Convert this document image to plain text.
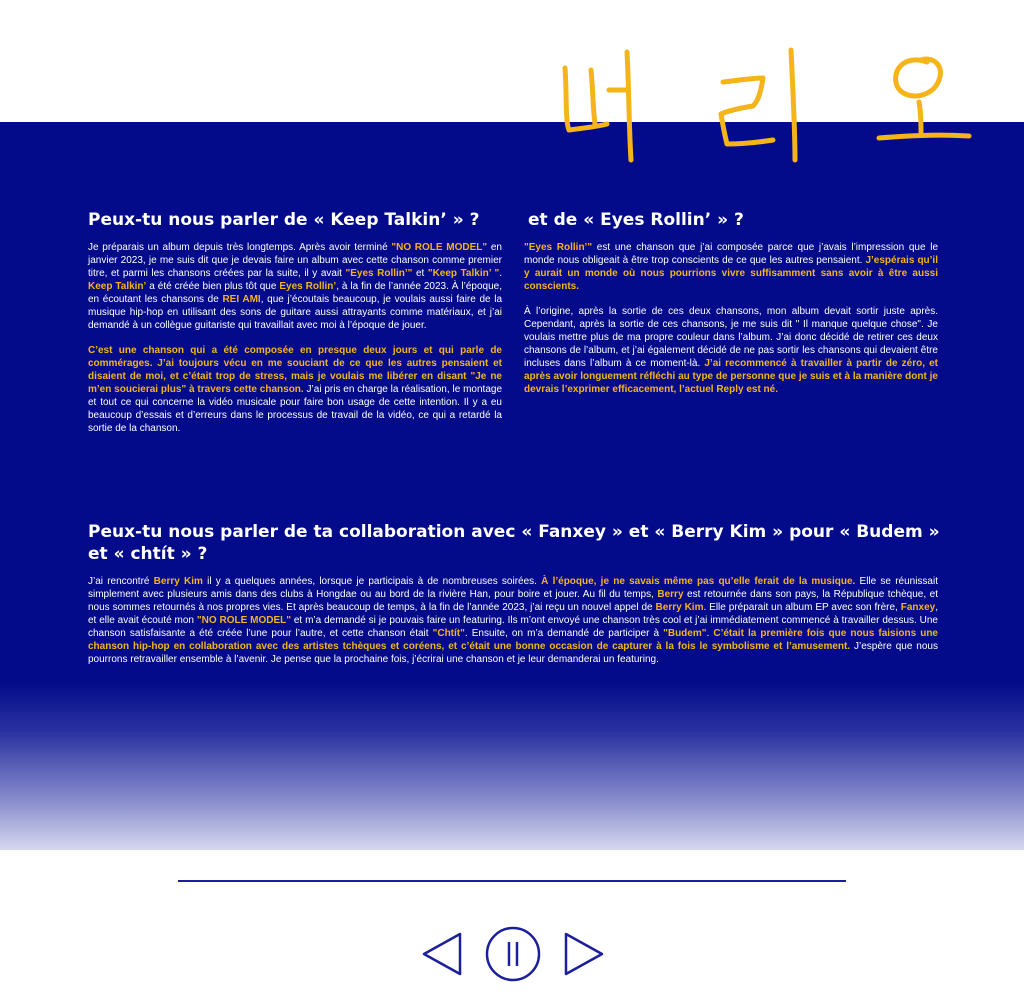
Peux-tu nous parler de « Keep Talkin’ » ?

Je préparais un album depuis très longtemps. Après avoir terminé "NO ROLE MODEL" en janvier 2023, je me suis dit que je devais faire un album avec cette chanson comme premier titre, et parmi les chansons créées par la suite, il y avait "Eyes Rollin’" et "Keep Talkin’ ". Keep Talkin’ a été créée bien plus tôt que Eyes Rollin’, à la fin de l’année 2023. À l’époque, en écoutant les chansons de REI AMI, que j’écoutais beaucoup, je voulais aussi faire de la musique hip-hop en utilisant des sons de guitare aussi attrayants comme matériaux, et j’ai demandé à un collègue guitariste qui travaillait avec moi à l’époque de jouer.

C’est une chanson qui a été composée en presque deux jours et qui parle de commérages. J’ai toujours vécu en me souciant de ce que les autres pensaient et disaient de moi, et c’était trop de stress, mais je voulais me libérer en disant "Je ne m’en soucierai plus" à travers cette chanson. J’ai pris en charge la réalisation, le montage et tout ce qui concerne la vidéo musicale pour faire bon usage de cette intention. Il y a eu beaucoup d’essais et d’erreurs dans le processus de travail de la vidéo, ce qui a retardé la sortie de la chanson.

et de « Eyes Rollin’ » ?

"Eyes Rollin’" est une chanson que j’ai composée parce que j’avais l’impression que le monde nous obligeait à être trop conscients de ce que les autres pensaient. J’espérais qu’il y aurait un monde où nous pourrions vivre suffisamment sans avoir à être aussi conscients.

À l’origine, après la sortie de ces deux chansons, mon album devait sortir juste après. Cependant, après la sortie de ces chansons, je me suis dit " Il manque quelque chose". Je voulais mettre plus de ma propre couleur dans l’album. J’ai donc décidé de retirer ces deux chansons de l’album, et j’ai également décidé de ne pas sortir les chansons qui devaient être incluses dans l’album à ce moment-là. J’ai recommencé à travailler à partir de zéro, et après avoir longuement réfléchi au type de personne que je suis et à la manière dont je devrais l’exprimer efficacement, l’actuel Reply est né.

Peux-tu nous parler de ta collaboration avec « Fanxey » et « Berry Kim » pour « Budem » et « chtít » ?

J’ai rencontré Berry Kim il y a quelques années, lorsque je participais à de nombreuses soirées. À l’époque, je ne savais même pas qu’elle ferait de la musique. Elle se réunissait simplement avec plusieurs amis dans des clubs à Hongdae ou au bord de la rivière Han, pour boire et jouer. Au fil du temps, Berry est retournée dans son pays, la République tchèque, et nous sommes retournés à nos propres vies. Et après beaucoup de temps, à la fin de l’année 2023, j’ai reçu un nouvel appel de Berry Kim. Elle préparait un album EP avec son frère, Fanxey, et elle avait écouté mon "NO ROLE MODEL" et m’a demandé si je pouvais faire un featuring. Ils m’ont envoyé une chanson très cool et j’ai immédiatement commencé à travailler dessus. Une chanson satisfaisante a été créée l’une pour l’autre, et cette chanson était "Chtít". Ensuite, on m’a demandé de participer à "Budem". C’était la première fois que nous faisions une chanson hip-hop en collaboration avec des artistes tchèques et coréens, et c’était une bonne occasion de capturer à la fois le symbolisme et l’amusement. J’espère que nous pourrons retravailler ensemble à l’avenir. Je pense que la prochaine fois, j’écrirai une chanson et je leur demanderai un featuring.
